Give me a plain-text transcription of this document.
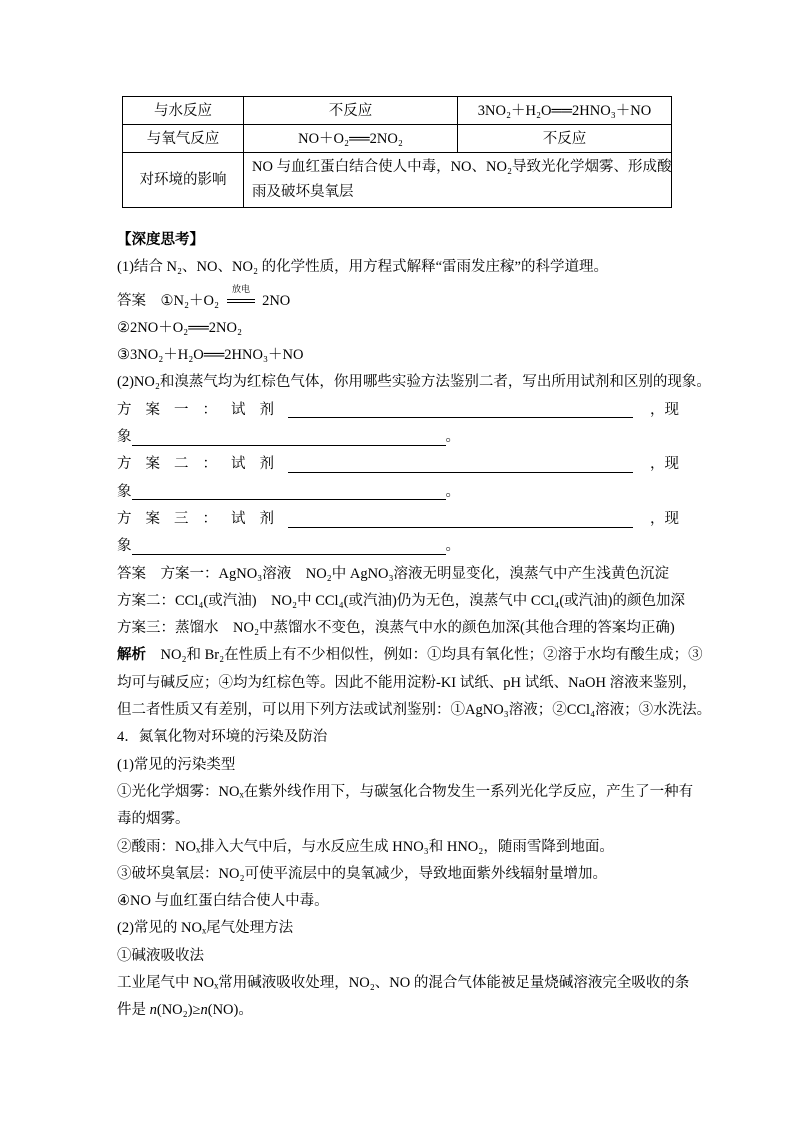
与水反应	不反应	3NO₂＋H₂O══2HNO₃＋NO
与氧气反应	NO＋O₂══2NO₂	不反应
对环境的影响	NO 与血红蛋白结合使人中毒，NO、NO₂导致光化学烟雾、形成酸
雨及破坏臭氧层	
【深度思考】
(1)结合 N₂、NO、NO₂ 的化学性质，用方程式解释“雷雨发庄稼”的科学道理。
答案 ①N₂＋O₂
放电
2NO
②2NO＋O₂══2NO₂
③3NO₂＋H₂O══2HNO₃＋NO
(2)NO₂和溴蒸气均为红棕色气体，你用哪些实验方法鉴别二者，写出所用试剂和区别的现象。
方案一：试剂	， 现
象	。
方案二：试剂	， 现
象	。
方案三：试剂	， 现
象	。
答案 方案一：AgNO₃溶液　NO₂中 AgNO₃溶液无明显变化，溴蒸气中产生浅黄色沉淀
方案二：CCl₄(或汽油)　NO₂中 CCl₄(或汽油)仍为无色，溴蒸气中 CCl₄(或汽油)的颜色加深
方案三：蒸馏水　NO₂中蒸馏水不变色，溴蒸气中水的颜色加深(其他合理的答案均正确)
解析 NO₂和 Br₂在性质上有不少相似性，例如：①均具有氧化性；②溶于水均有酸生成；③
均可与碱反应；④均为红棕色等。因此不能用淀粉-KI 试纸、pH 试纸、NaOH 溶液来鉴别，
但二者性质又有差别，可以用下列方法或试剂鉴别：①AgNO₃溶液；②CCl₄溶液；③水洗法。
4．氮氧化物对环境的污染及防治
(1)常见的污染类型
①光化学烟雾：NOₓ在紫外线作用下，与碳氢化合物发生一系列光化学反应，产生了一种有
毒的烟雾。
②酸雨：NOₓ排入大气中后，与水反应生成 HNO₃和 HNO₂，随雨雪降到地面。
③破坏臭氧层：NO₂可使平流层中的臭氧减少，导致地面紫外线辐射量增加。
④NO 与血红蛋白结合使人中毒。
(2)常见的 NOₓ尾气处理方法
①碱液吸收法
工业尾气中 NOₓ常用碱液吸收处理，NO₂、NO 的混合气体能被足量烧碱溶液完全吸收的条
件是 n(NO₂)≥n(NO)。
